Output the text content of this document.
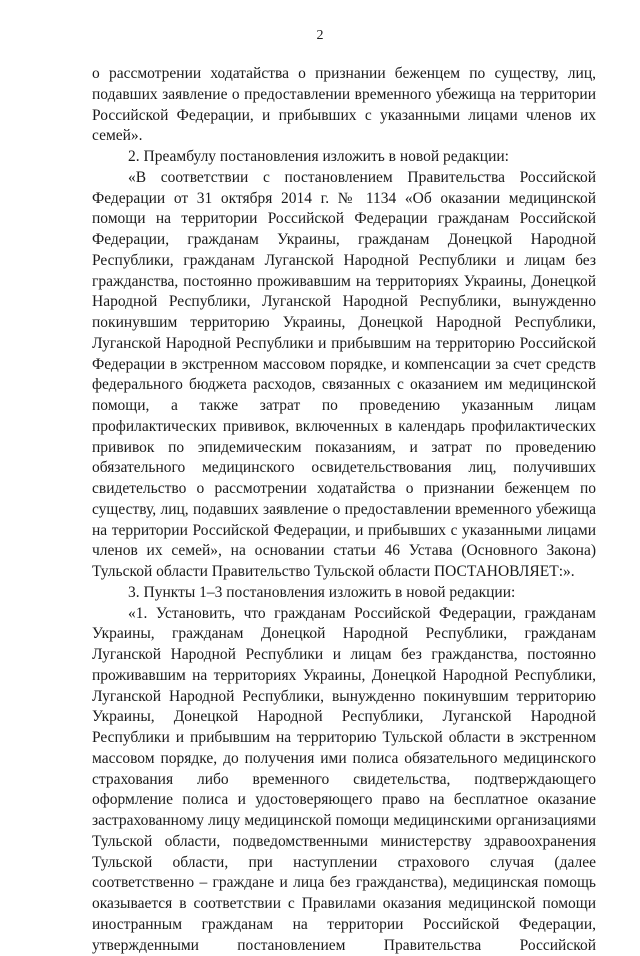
2

о рассмотрении ходатайства о признании беженцем по существу, лиц, подавших заявление о предоставлении временного убежища на территории Российской Федерации, и прибывших с указанными лицами членов их семей».

2. Преамбулу постановления изложить в новой редакции:

«В соответствии с постановлением Правительства Российской Федерации от 31 октября 2014 г. № 1134 «Об оказании медицинской помощи на территории Российской Федерации гражданам Российской Федерации, гражданам Украины, гражданам Донецкой Народной Республики, гражданам Луганской Народной Республики и лицам без гражданства, постоянно проживавшим на территориях Украины, Донецкой Народной Республики, Луганской Народной Республики, вынужденно покинувшим территорию Украины, Донецкой Народной Республики, Луганской Народной Республики и прибывшим на территорию Российской Федерации в экстренном массовом порядке, и компенсации за счет средств федерального бюджета расходов, связанных с оказанием им медицинской помощи, а также затрат по проведению указанным лицам профилактических прививок, включенных в календарь профилактических прививок по эпидемическим показаниям, и затрат по проведению обязательного медицинского освидетельствования лиц, получивших свидетельство о рассмотрении ходатайства о признании беженцем по существу, лиц, подавших заявление о предоставлении временного убежища на территории Российской Федерации, и прибывших с указанными лицами членов их семей», на основании статьи 46 Устава (Основного Закона) Тульской области Правительство Тульской области ПОСТАНОВЛЯЕТ:».

3. Пункты 1–3 постановления изложить в новой редакции:

«1. Установить, что гражданам Российской Федерации, гражданам Украины, гражданам Донецкой Народной Республики, гражданам Луганской Народной Республики и лицам без гражданства, постоянно проживавшим на территориях Украины, Донецкой Народной Республики, Луганской Народной Республики, вынужденно покинувшим территорию Украины, Донецкой Народной Республики, Луганской Народной Республики и прибывшим на территорию Тульской области в экстренном массовом порядке, до получения ими полиса обязательного медицинского страхования либо временного свидетельства, подтверждающего оформление полиса и удостоверяющего право на бесплатное оказание застрахованному лицу медицинской помощи медицинскими организациями Тульской области, подведомственными министерству здравоохранения Тульской области, при наступлении страхового случая (далее соответственно – граждане и лица без гражданства), медицинская помощь оказывается в соответствии с Правилами оказания медицинской помощи иностранным гражданам на территории Российской Федерации, утвержденными постановлением Правительства Российской
